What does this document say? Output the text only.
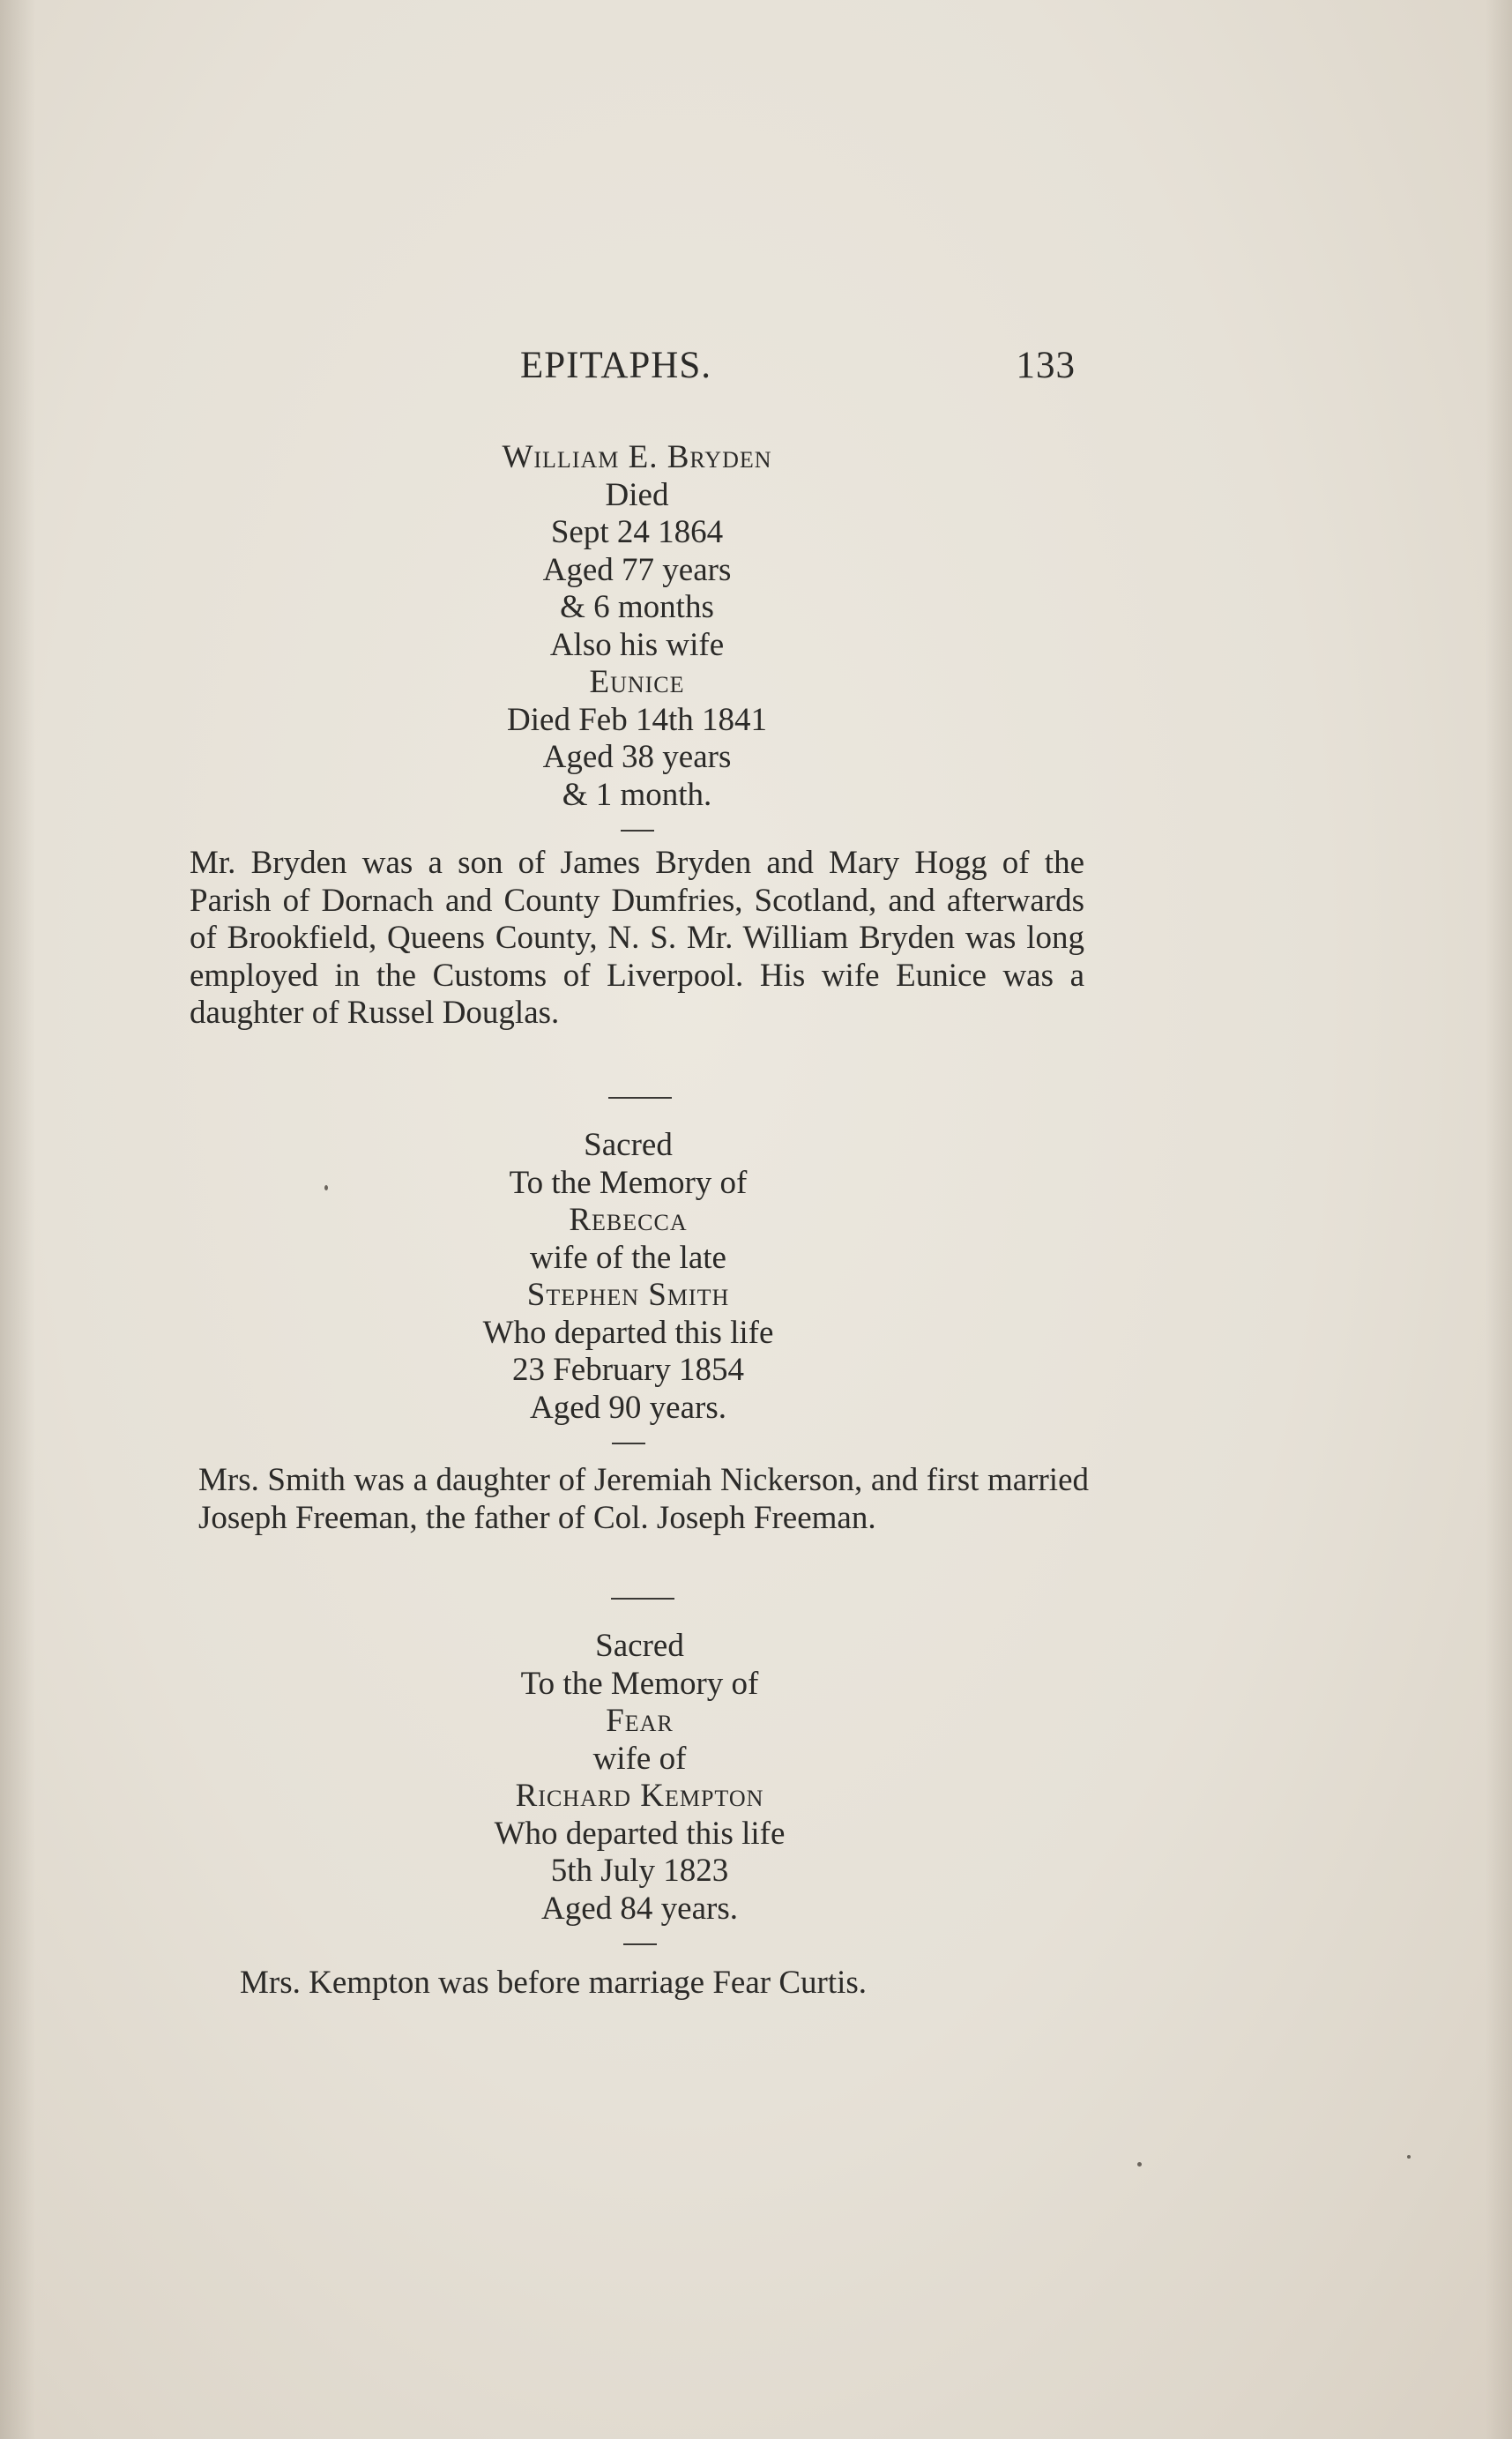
EPITAPHS.	133
William E. Bryden
Died
Sept 24 1864
Aged 77 years
& 6 months
Also his wife
Eunice
Died Feb 14th 1841
Aged 38 years
& 1 month.
Mr. Bryden was a son of James Bryden and Mary Hogg of the Parish of Dornach and County Dumfries, Scotland, and afterwards of Brookfield, Queens County, N. S. Mr. William Bryden was long employed in the Customs of Liverpool. His wife Eunice was a daughter of Russel Douglas.
Sacred
To the Memory of
Rebecca
wife of the late
Stephen Smith
Who departed this life
23 February 1854
Aged 90 years.
Mrs. Smith was a daughter of Jeremiah Nickerson, and first married Joseph Freeman, the father of Col. Joseph Freeman.
Sacred
To the Memory of
Fear
wife of
Richard Kempton
Who departed this life
5th July 1823
Aged 84 years.
Mrs. Kempton was before marriage Fear Curtis.
